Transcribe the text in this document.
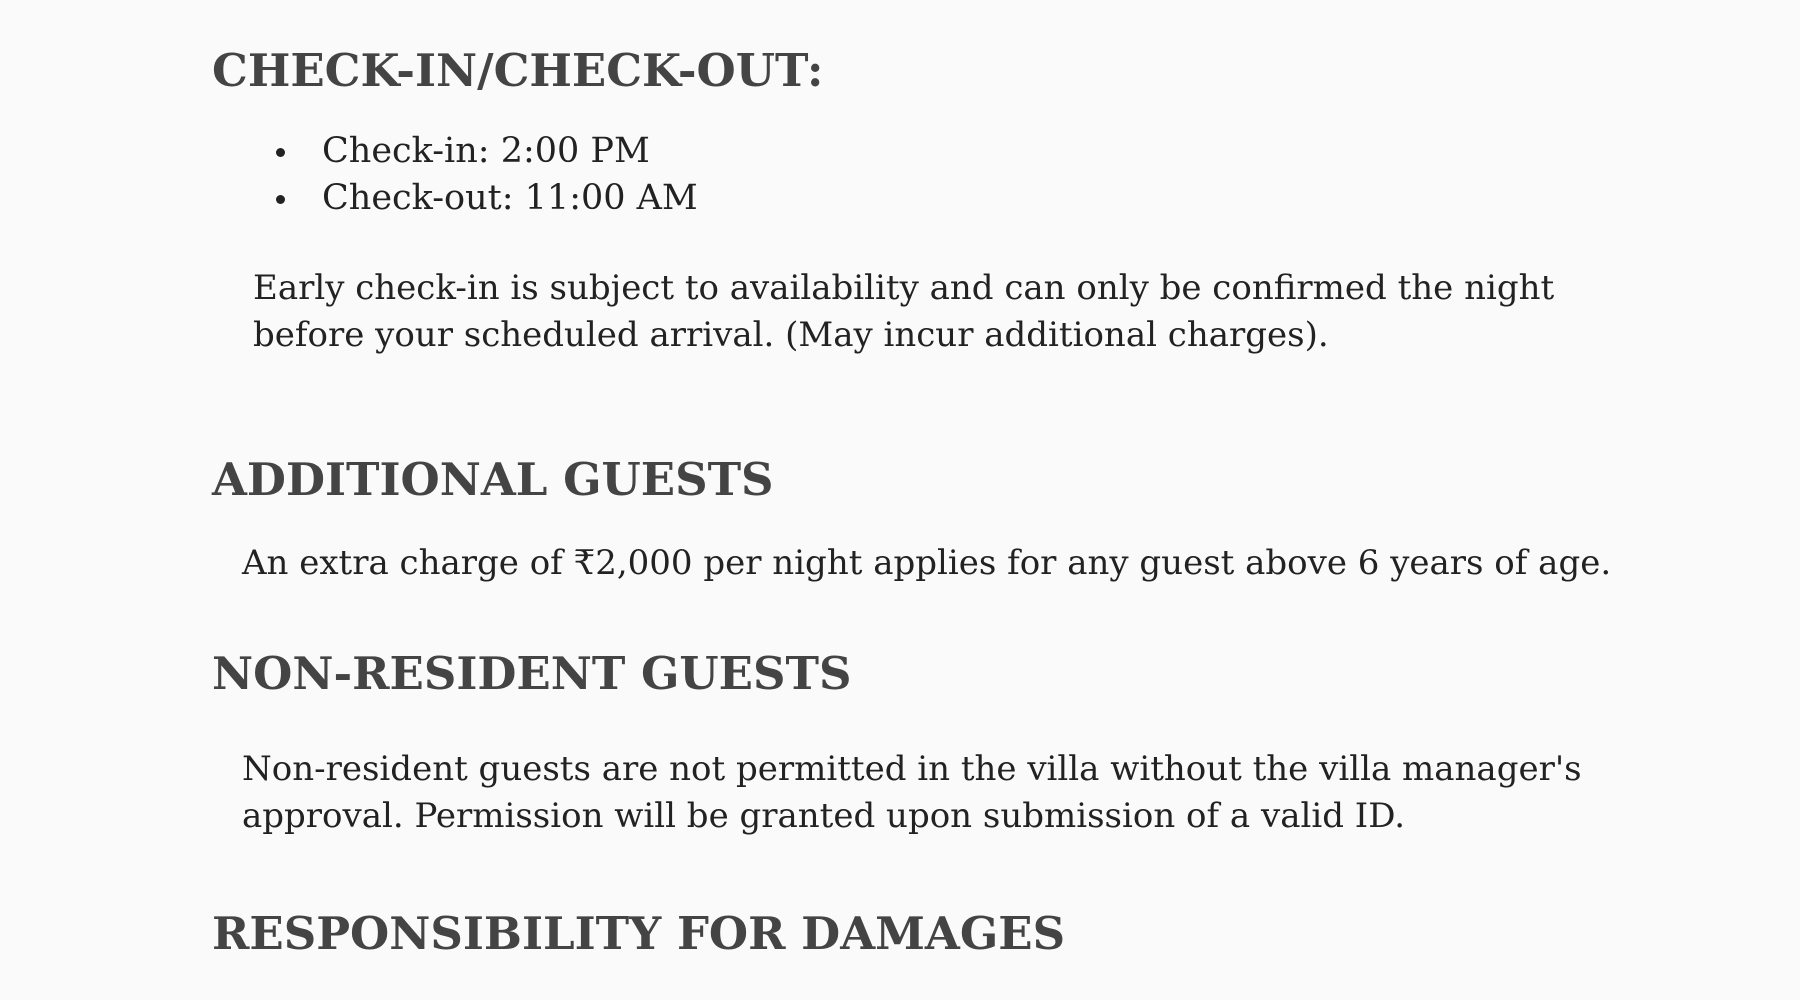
CHECK-IN/CHECK-OUT:
Check-in: 2:00 PM
Check-out: 11:00 AM

Early check-in is subject to availability and can only be confirmed the night
before your scheduled arrival. (May incur additional charges).

ADDITIONAL GUESTS

An extra charge of ₹2,000 per night applies for any guest above 6 years of age.

NON-RESIDENT GUESTS

Non-resident guests are not permitted in the villa without the villa manager's
approval. Permission will be granted upon submission of a valid ID.

RESPONSIBILITY FOR DAMAGES
